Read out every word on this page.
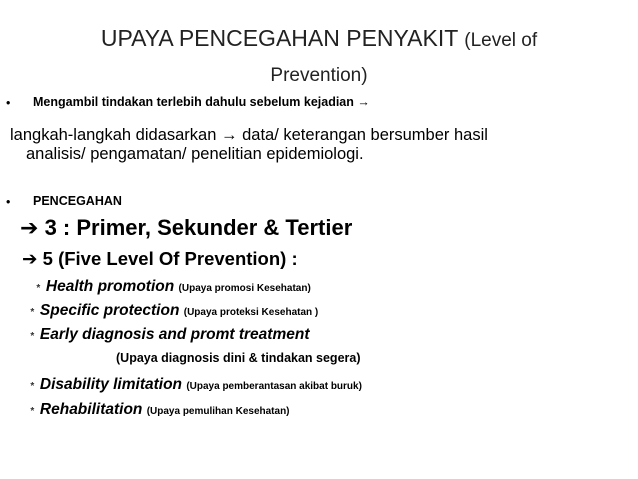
UPAYA PENCEGAHAN PENYAKIT (Level of
Prevention)
• Mengambil tindakan terlebih dahulu sebelum kejadian →
langkah-langkah didasarkan → data/ keterangan bersumber hasil
analisis/ pengamatan/ penelitian epidemiologi.
• PENCEGAHAN
➔ 3 : Primer, Sekunder & Tertier
➔ 5 (Five Level Of Prevention) :
* Health promotion (Upaya promosi Kesehatan)
* Specific protection (Upaya proteksi Kesehatan )
* Early diagnosis and promt treatment
(Upaya diagnosis dini & tindakan segera)
* Disability limitation (Upaya pemberantasan akibat buruk)
* Rehabilitation (Upaya pemulihan Kesehatan)
